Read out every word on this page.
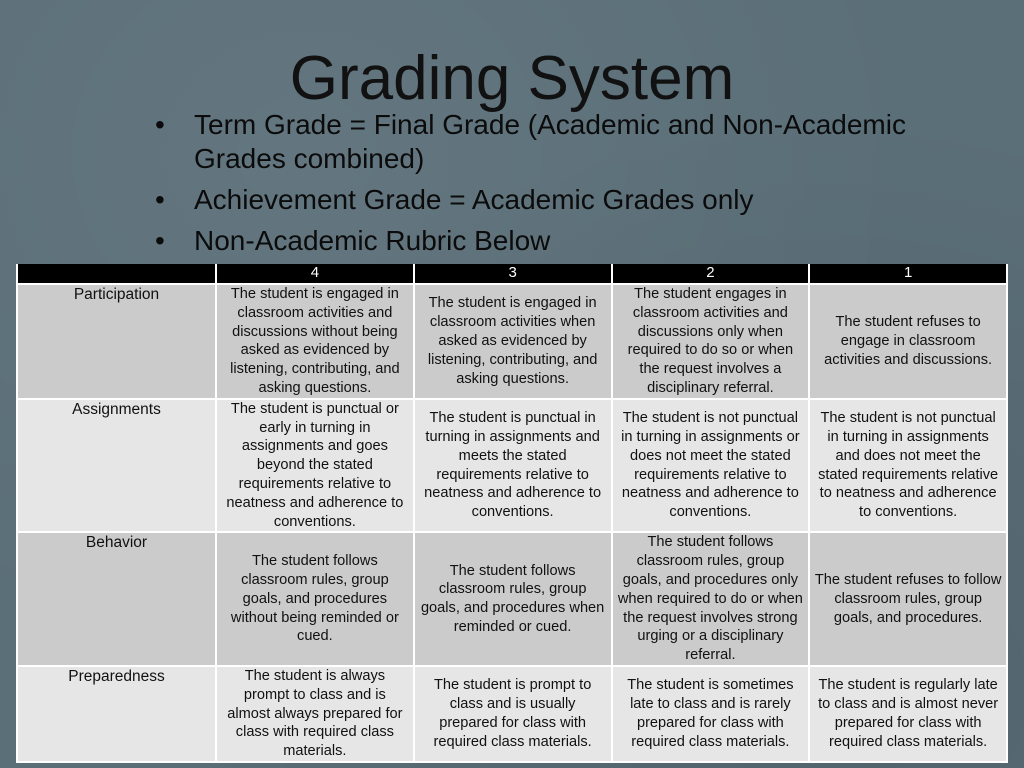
Grading System
• Term Grade = Final Grade (Academic and Non-Academic Grades combined)
• Achievement Grade = Academic Grades only
• Non-Academic Rubric Below
	4	3	2	1
Participation	The student is engaged in classroom activities and discussions without being asked as evidenced by listening, contributing, and asking questions.	The student is engaged in classroom activities when asked as evidenced by listening, contributing, and asking questions.	The student engages in classroom activities and discussions only when required to do so or when the request involves a disciplinary referral.	The student refuses to engage in classroom activities and discussions.
Assignments	The student is punctual or early in turning in assignments and goes beyond the stated requirements relative to neatness and adherence to conventions.	The student is punctual in turning in assignments and meets the stated requirements relative to neatness and adherence to conventions.	The student is not punctual in turning in assignments or does not meet the stated requirements relative to neatness and adherence to conventions.	The student is not punctual in turning in assignments and does not meet the stated requirements relative to neatness and adherence to conventions.
Behavior	The student follows classroom rules, group goals, and procedures without being reminded or cued.	The student follows classroom rules, group goals, and procedures when reminded or cued.	The student follows classroom rules, group goals, and procedures only when required to do or when the request involves strong urging or a disciplinary referral.	The student refuses to follow classroom rules, group goals, and procedures.
Preparedness	The student is always prompt to class and is almost always prepared for class with required class materials.	The student is prompt to class and is usually prepared for class with required class materials.	The student is sometimes late to class and is rarely prepared for class with required class materials.	The student is regularly late to class and is almost never prepared for class with required class materials.
